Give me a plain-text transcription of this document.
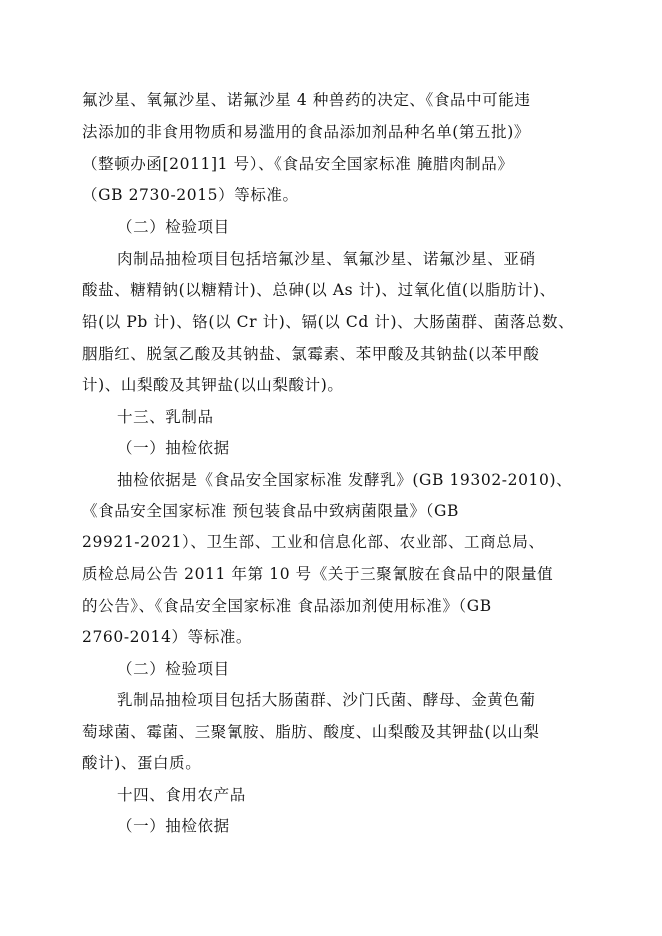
氟沙星、氧氟沙星、诺氟沙星 4 种兽药的决定、《食品中可能违
法添加的非食用物质和易滥用的食品添加剂品种名单(第五批)》
（整顿办函[2011]1 号）、《食品安全国家标准 腌腊肉制品》
（GB 2730-2015）等标准。
（二）检验项目
肉制品抽检项目包括培氟沙星、氧氟沙星、诺氟沙星、亚硝
酸盐、糖精钠(以糖精计)、总砷(以 As 计)、过氧化值(以脂肪计)、
铅(以 Pb 计)、铬(以 Cr 计)、镉(以 Cd 计)、大肠菌群、菌落总数、
胭脂红、脱氢乙酸及其钠盐、氯霉素、苯甲酸及其钠盐(以苯甲酸
计)、山梨酸及其钾盐(以山梨酸计)。
十三、乳制品
（一）抽检依据
抽检依据是《食品安全国家标准 发酵乳》(GB 19302-2010)、
《食品安全国家标准 预包装食品中致病菌限量》（GB
29921-2021）、卫生部、工业和信息化部、农业部、工商总局、
质检总局公告 2011 年第 10 号《关于三聚氰胺在食品中的限量值
的公告》、《食品安全国家标准 食品添加剂使用标准》（GB
2760-2014）等标准。
（二）检验项目
乳制品抽检项目包括大肠菌群、沙门氏菌、酵母、金黄色葡
萄球菌、霉菌、三聚氰胺、脂肪、酸度、山梨酸及其钾盐(以山梨
酸计)、蛋白质。
十四、食用农产品
（一）抽检依据
